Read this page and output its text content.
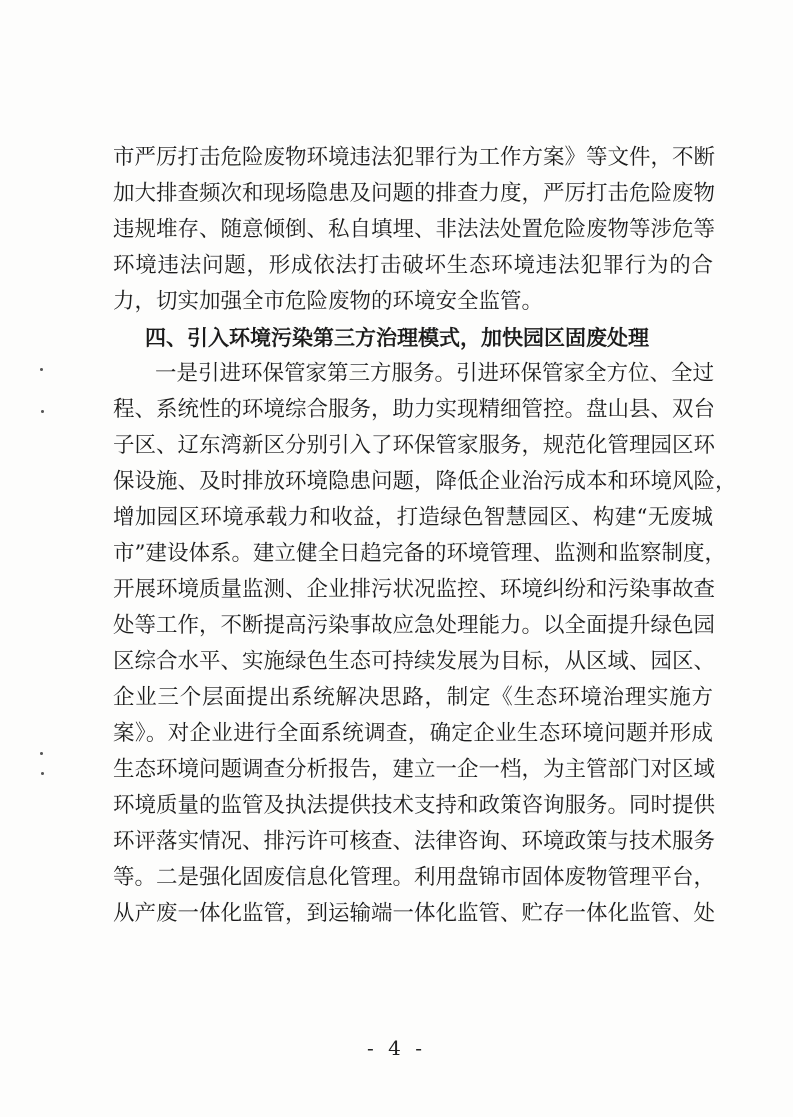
市严厉打击危险废物环境违法犯罪行为工作方案》等文件，不断
加大排查频次和现场隐患及问题的排查力度，严厉打击危险废物
违规堆存、随意倾倒、私自填埋、非法法处置危险废物等涉危等
环境违法问题，形成依法打击破坏生态环境违法犯罪行为的合
力，切实加强全市危险废物的环境安全监管。
四、引入环境污染第三方治理模式，加快园区固废处理
一是引进环保管家第三方服务。引进环保管家全方位、全过
程、系统性的环境综合服务，助力实现精细管控。盘山县、双台
子区、辽东湾新区分别引入了环保管家服务，规范化管理园区环
保设施、及时排放环境隐患问题，降低企业治污成本和环境风险，
增加园区环境承载力和收益，打造绿色智慧园区、构建“无废城
市”建设体系。建立健全日趋完备的环境管理、监测和监察制度，
开展环境质量监测、企业排污状况监控、环境纠纷和污染事故查
处等工作，不断提高污染事故应急处理能力。以全面提升绿色园
区综合水平、实施绿色生态可持续发展为目标，从区域、园区、
企业三个层面提出系统解决思路，制定《生态环境治理实施方
案》。对企业进行全面系统调查，确定企业生态环境问题并形成
生态环境问题调查分析报告，建立一企一档，为主管部门对区域
环境质量的监管及执法提供技术支持和政策咨询服务。同时提供
环评落实情况、排污许可核查、法律咨询、环境政策与技术服务
等。二是强化固废信息化管理。利用盘锦市固体废物管理平台，
从产废一体化监管，到运输端一体化监管、贮存一体化监管、处
- 4 -
